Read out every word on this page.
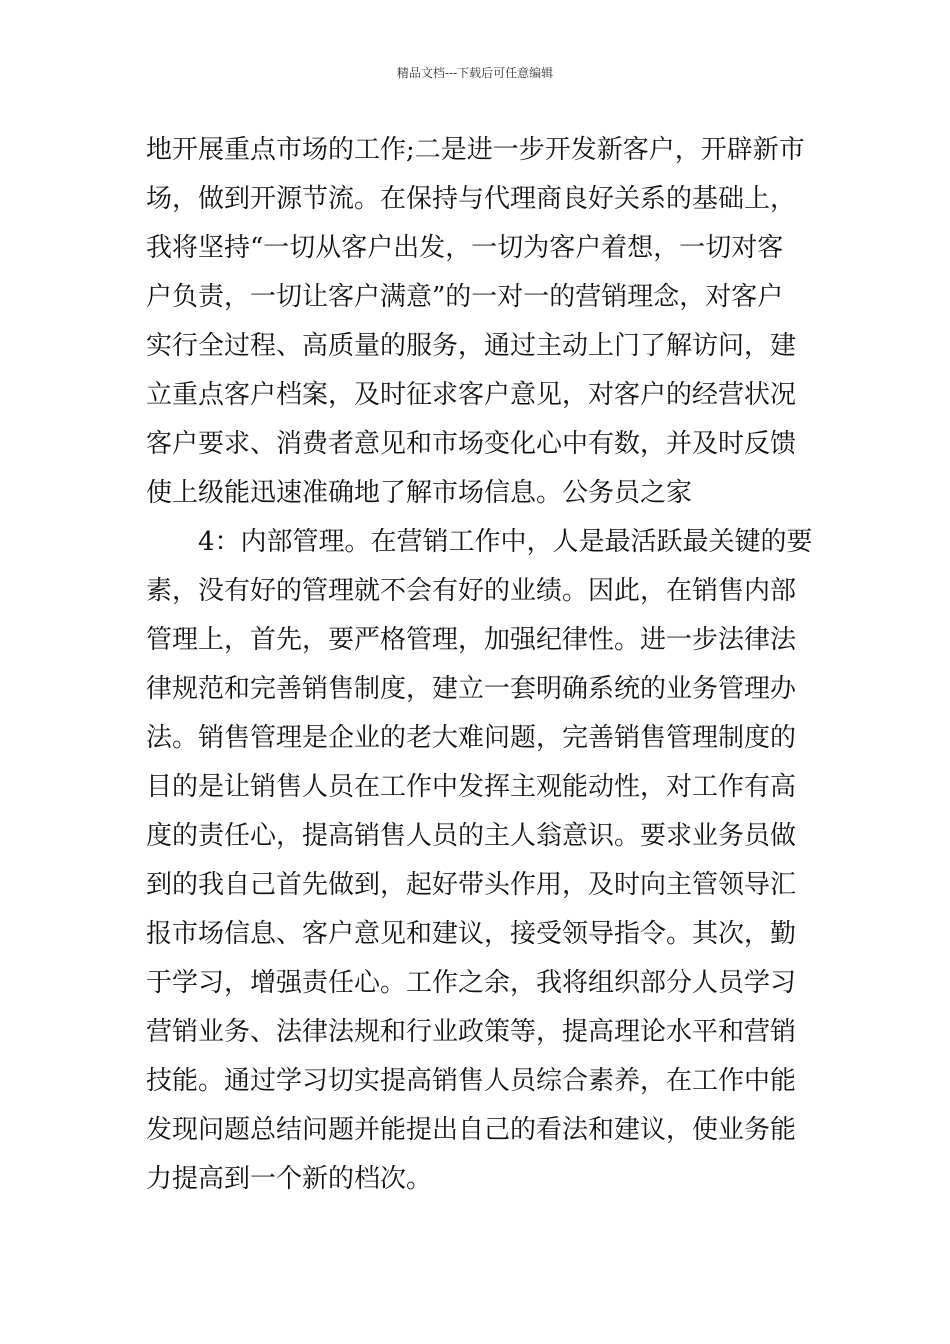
精品文档---下载后可任意编辑
地开展重点市场的工作;二是进一步开发新客户，开辟新市
场，做到开源节流。在保持与代理商良好关系的基础上，
我将坚持“一切从客户出发，一切为客户着想，一切对客
户负责，一切让客户满意”的一对一的营销理念，对客户
实行全过程、高质量的服务，通过主动上门了解访问，建
立重点客户档案，及时征求客户意见，对客户的经营状况
客户要求、消费者意见和市场变化心中有数，并及时反馈
使上级能迅速准确地了解市场信息。公务员之家
4：内部管理。在营销工作中，人是最活跃最关键的要
素，没有好的管理就不会有好的业绩。因此，在销售内部
管理上，首先，要严格管理，加强纪律性。进一步法律法
律规范和完善销售制度，建立一套明确系统的业务管理办
法。销售管理是企业的老大难问题，完善销售管理制度的
目的是让销售人员在工作中发挥主观能动性，对工作有高
度的责任心，提高销售人员的主人翁意识。要求业务员做
到的我自己首先做到，起好带头作用，及时向主管领导汇
报市场信息、客户意见和建议，接受领导指令。其次，勤
于学习，增强责任心。工作之余，我将组织部分人员学习
营销业务、法律法规和行业政策等，提高理论水平和营销
技能。通过学习切实提高销售人员综合素养，在工作中能
发现问题总结问题并能提出自己的看法和建议，使业务能
力提高到一个新的档次。
